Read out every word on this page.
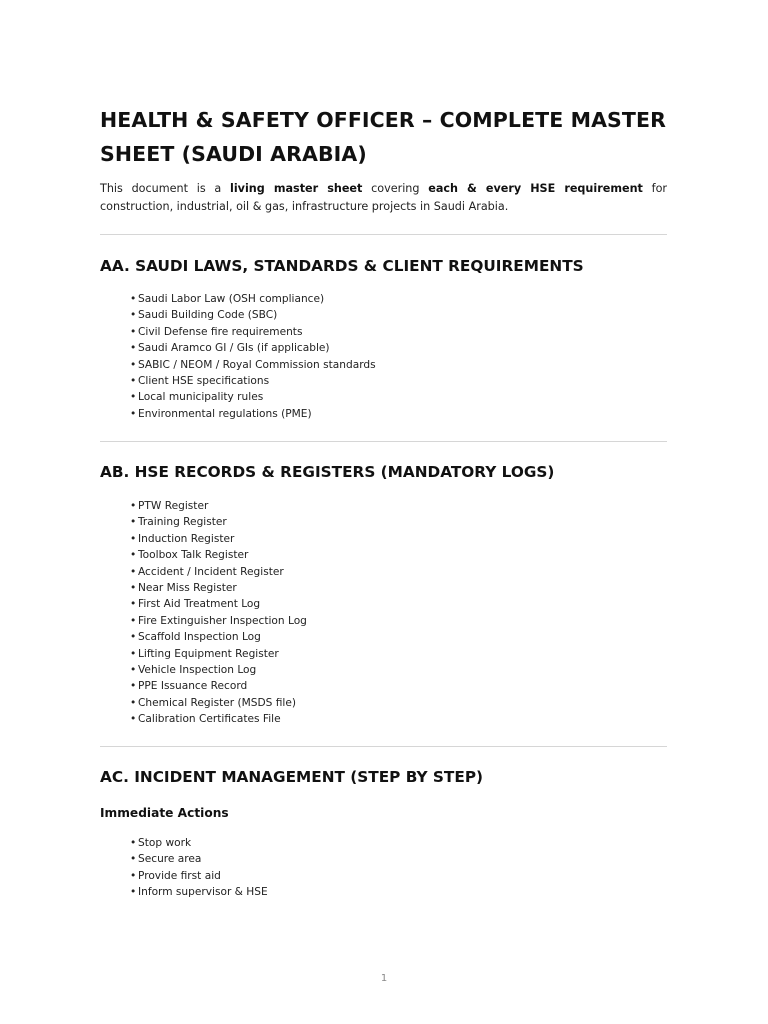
HEALTH & SAFETY OFFICER – COMPLETE MASTER SHEET (SAUDI ARABIA)

This document is a living master sheet covering each & every HSE requirement for construction, industrial, oil & gas, infrastructure projects in Saudi Arabia.

AA. SAUDI LAWS, STANDARDS & CLIENT REQUIREMENTS
• Saudi Labor Law (OSH compliance)
• Saudi Building Code (SBC)
• Civil Defense fire requirements
• Saudi Aramco GI / GIs (if applicable)
• SABIC / NEOM / Royal Commission standards
• Client HSE specifications
• Local municipality rules
• Environmental regulations (PME)
AB. HSE RECORDS & REGISTERS (MANDATORY LOGS)
• PTW Register
• Training Register
• Induction Register
• Toolbox Talk Register
• Accident / Incident Register
• Near Miss Register
• First Aid Treatment Log
• Fire Extinguisher Inspection Log
• Scaffold Inspection Log
• Lifting Equipment Register
• Vehicle Inspection Log
• PPE Issuance Record
• Chemical Register (MSDS file)
• Calibration Certificates File
AC. INCIDENT MANAGEMENT (STEP BY STEP)
Immediate Actions
• Stop work
• Secure area
• Provide first aid
• Inform supervisor & HSE
1
